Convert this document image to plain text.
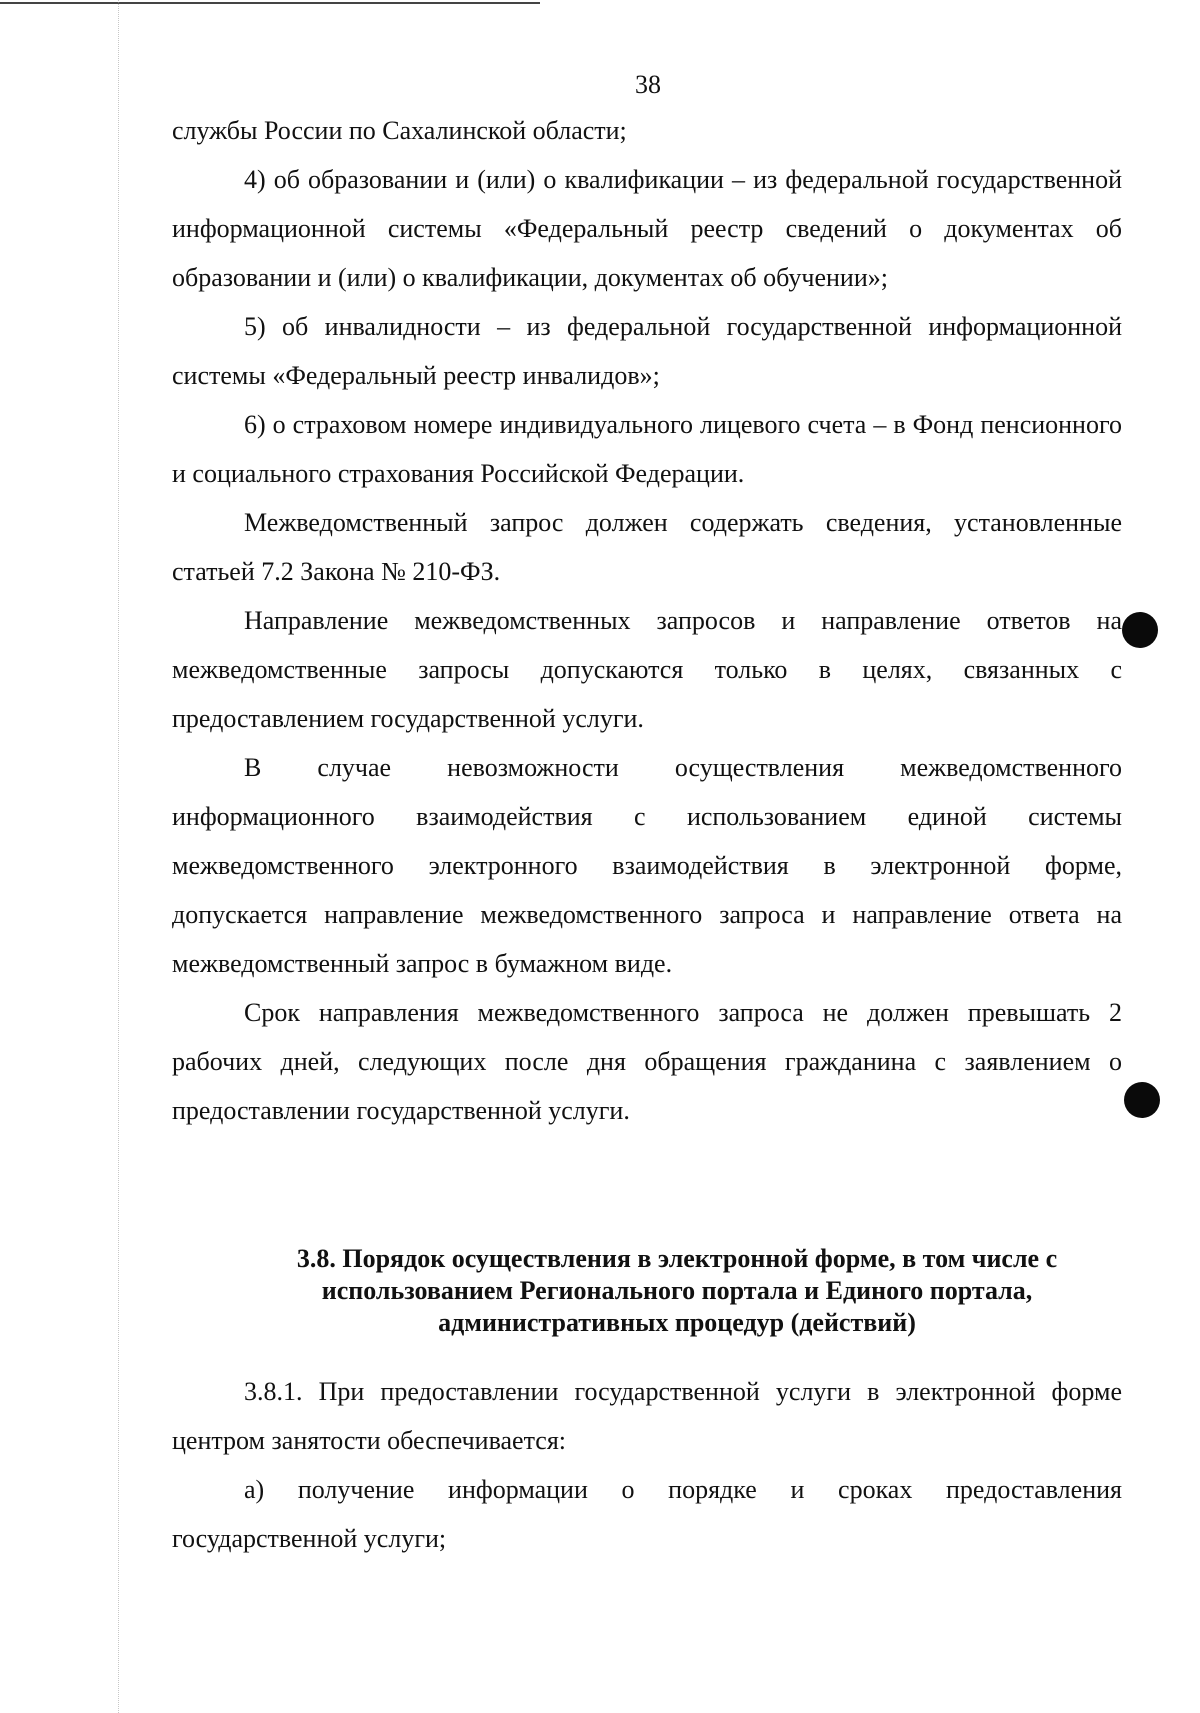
38

службы России по Сахалинской области;

4) об образовании и (или) о квалификации – из федеральной государственной информационной системы «Федеральный реестр сведений о документах об образовании и (или) о квалификации, документах об обучении»;

5) об инвалидности – из федеральной государственной информационной системы «Федеральный реестр инвалидов»;

6) о страховом номере индивидуального лицевого счета – в Фонд пенсионного и социального страхования Российской Федерации.

Межведомственный запрос должен содержать сведения, установленные статьей 7.2 Закона № 210-ФЗ.

Направление межведомственных запросов и направление ответов на межведомственные запросы допускаются только в целях, связанных с предоставлением государственной услуги.

В случае невозможности осуществления межведомственного информационного взаимодействия с использованием единой системы межведомственного электронного взаимодействия в электронной форме, допускается направление межведомственного запроса и направление ответа на межведомственный запрос в бумажном виде.

Срок направления межведомственного запроса не должен превышать 2 рабочих дней, следующих после дня обращения гражданина с заявлением о предоставлении государственной услуги.

3.8. Порядок осуществления в электронной форме, в том числе с использованием Регионального портала и Единого портала, административных процедур (действий)

3.8.1. При предоставлении государственной услуги в электронной форме центром занятости обеспечивается:

а) получение информации о порядке и сроках предоставления государственной услуги;
